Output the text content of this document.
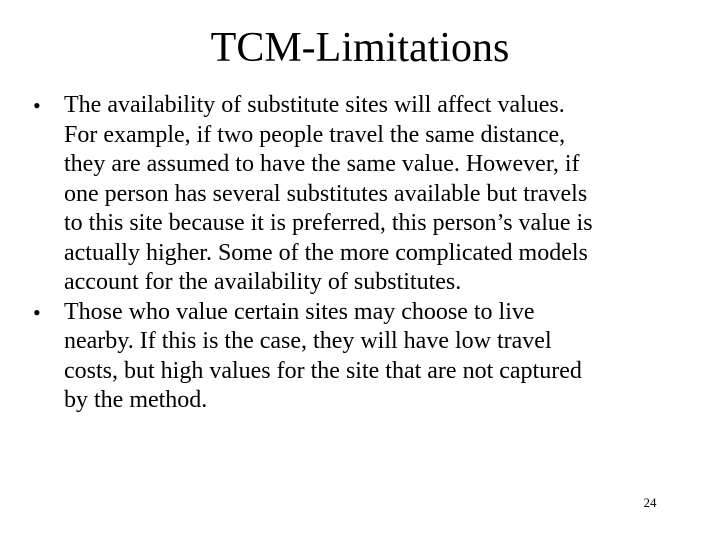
TCM-Limitations
• The availability of substitute sites will affect values.
For example, if two people travel the same distance,
they are assumed to have the same value. However, if
one person has several substitutes available but travels
to this site because it is preferred, this person’s value is
actually higher. Some of the more complicated models
account for the availability of substitutes.
• Those who value certain sites may choose to live
nearby. If this is the case, they will have low travel
costs, but high values for the site that are not captured
by the method.
24
